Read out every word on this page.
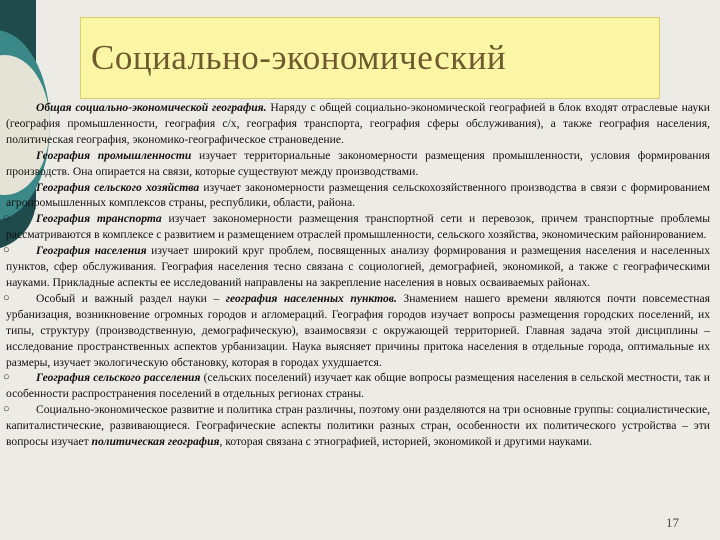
Социально-экономический

Общая социально-экономической география. Наряду с общей социально-экономической географией в блок входят отраслевые науки (география промышленности, география с/х, география транспорта, география сферы обслуживания), а также география населения, политическая география, экономико-географическое страноведение.

География промышленности изучает территориальные закономерности размещения промышленности, условия формирования производств. Она опирается на связи, которые существуют между производствами.

География сельского хозяйства изучает закономерности размещения сельскохозяйственного производства в связи с формированием агропромышленных комплексов страны, республики, области, района.

○ География транспорта изучает закономерности размещения транспортной сети и перевозок, причем транспортные проблемы рассматриваются в комплексе с развитием и размещением отраслей промышленности, сельского хозяйства, экономическим районированием.

○ География населения изучает широкий круг проблем, посвященных анализу формирования и размещения населения и населенных пунктов, сфер обслуживания. География населения тесно связана с социологией, демографией, экономикой, а также с географическими науками. Прикладные аспекты ее исследований направлены на закрепление населения в новых осваиваемых районах.

○ Особый и важный раздел науки – география населенных пунктов. Знамением нашего времени являются почти повсеместная урбанизация, возникновение огромных городов и агломераций. География городов изучает вопросы размещения городских поселений, их типы, структуру (производственную, демографическую), взаимосвязи с окружающей территорией. Главная задача этой дисциплины – исследование пространственных аспектов урбанизации. Наука выясняет причины притока населения в отдельные города, оптимальные их размеры, изучает экологическую обстановку, которая в городах ухудшается.

○ География сельского расселения (сельских поселений) изучает как общие вопросы размещения населения в сельской местности, так и особенности распространения поселений в отдельных регионах страны.

○ Социально-экономическое развитие и политика стран различны, поэтому они разделяются на три основные группы: социалистические, капиталистические, развивающиеся. Географические аспекты политики разных стран, особенности их политического устройства – эти вопросы изучает политическая география, которая связана с этнографией, историей, экономикой и другими науками.

17
